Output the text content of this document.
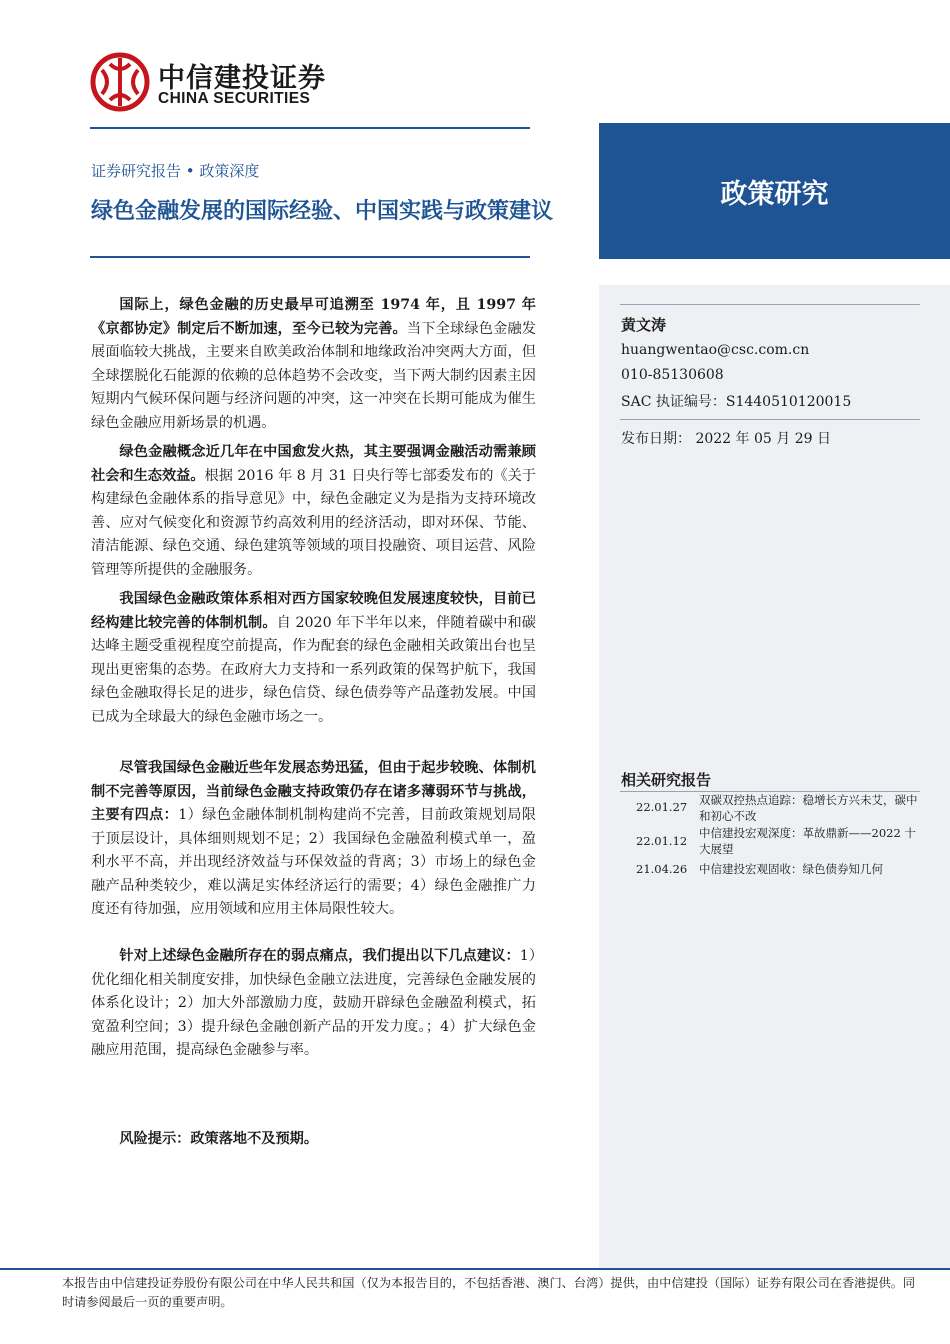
中信建投证券
CHINA SECURITIES
证券研究报告 • 政策深度
绿色金融发展的国际经验、中国实践与政策建议
政策研究
黄文涛
huangwentao@csc.com.cn
010-85130608
SAC 执证编号：S1440510120015
发布日期： 2022 年 05 月 29 日
相关研究报告
22.01.27 双碳双控热点追踪：稳增长方兴未艾，碳中和初心不改
22.01.12
中信建投宏观深度：革故鼎新——2022 十大展望
21.04.26 中信建投宏观固收：绿色债券知几何
国际上，绿色金融的历史最早可追溯至 1974 年，且 1997 年《京都协定》制定后不断加速，至今已较为完善。当下全球绿色金融发展面临较大挑战，主要来自欧美政治体制和地缘政治冲突两大方面，但全球摆脱化石能源的依赖的总体趋势不会改变，当下两大制约因素主因短期内气候环保问题与经济问题的冲突，这一冲突在长期可能成为催生绿色金融应用新场景的机遇。
绿色金融概念近几年在中国愈发火热，其主要强调金融活动需兼顾社会和生态效益。根据 2016 年 8 月 31 日央行等七部委发布的《关于构建绿色金融体系的指导意见》中，绿色金融定义为是指为支持环境改善、应对气候变化和资源节约高效利用的经济活动，即对环保、节能、清洁能源、绿色交通、绿色建筑等领域的项目投融资、项目运营、风险管理等所提供的金融服务。
我国绿色金融政策体系相对西方国家较晚但发展速度较快，目前已经构建比较完善的体制机制。自 2020 年下半年以来，伴随着碳中和碳达峰主题受重视程度空前提高，作为配套的绿色金融相关政策出台也呈现出更密集的态势。在政府大力支持和一系列政策的保驾护航下，我国绿色金融取得长足的进步，绿色信贷、绿色债券等产品蓬勃发展。中国已成为全球最大的绿色金融市场之一。
尽管我国绿色金融近些年发展态势迅猛，但由于起步较晚、体制机制不完善等原因，当前绿色金融支持政策仍存在诸多薄弱环节与挑战，主要有四点：1）绿色金融体制机制构建尚不完善，目前政策规划局限于顶层设计，具体细则规划不足；2）我国绿色金融盈利模式单一，盈利水平不高，并出现经济效益与环保效益的背离；3）市场上的绿色金融产品种类较少，难以满足实体经济运行的需要；4）绿色金融推广力度还有待加强，应用领域和应用主体局限性较大。
针对上述绿色金融所存在的弱点痛点，我们提出以下几点建议：1）优化细化相关制度安排，加快绿色金融立法进度，完善绿色金融发展的体系化设计；2）加大外部激励力度，鼓励开辟绿色金融盈利模式，拓宽盈利空间；3）提升绿色金融创新产品的开发力度。；4）扩大绿色金融应用范围，提高绿色金融参与率。
风险提示：政策落地不及预期。
本报告由中信建投证券股份有限公司在中华人民共和国（仅为本报告目的，不包括香港、澳门、台湾）提供，由中信建投（国际）证券有限公司在香港提供。同时请参阅最后一页的重要声明。
